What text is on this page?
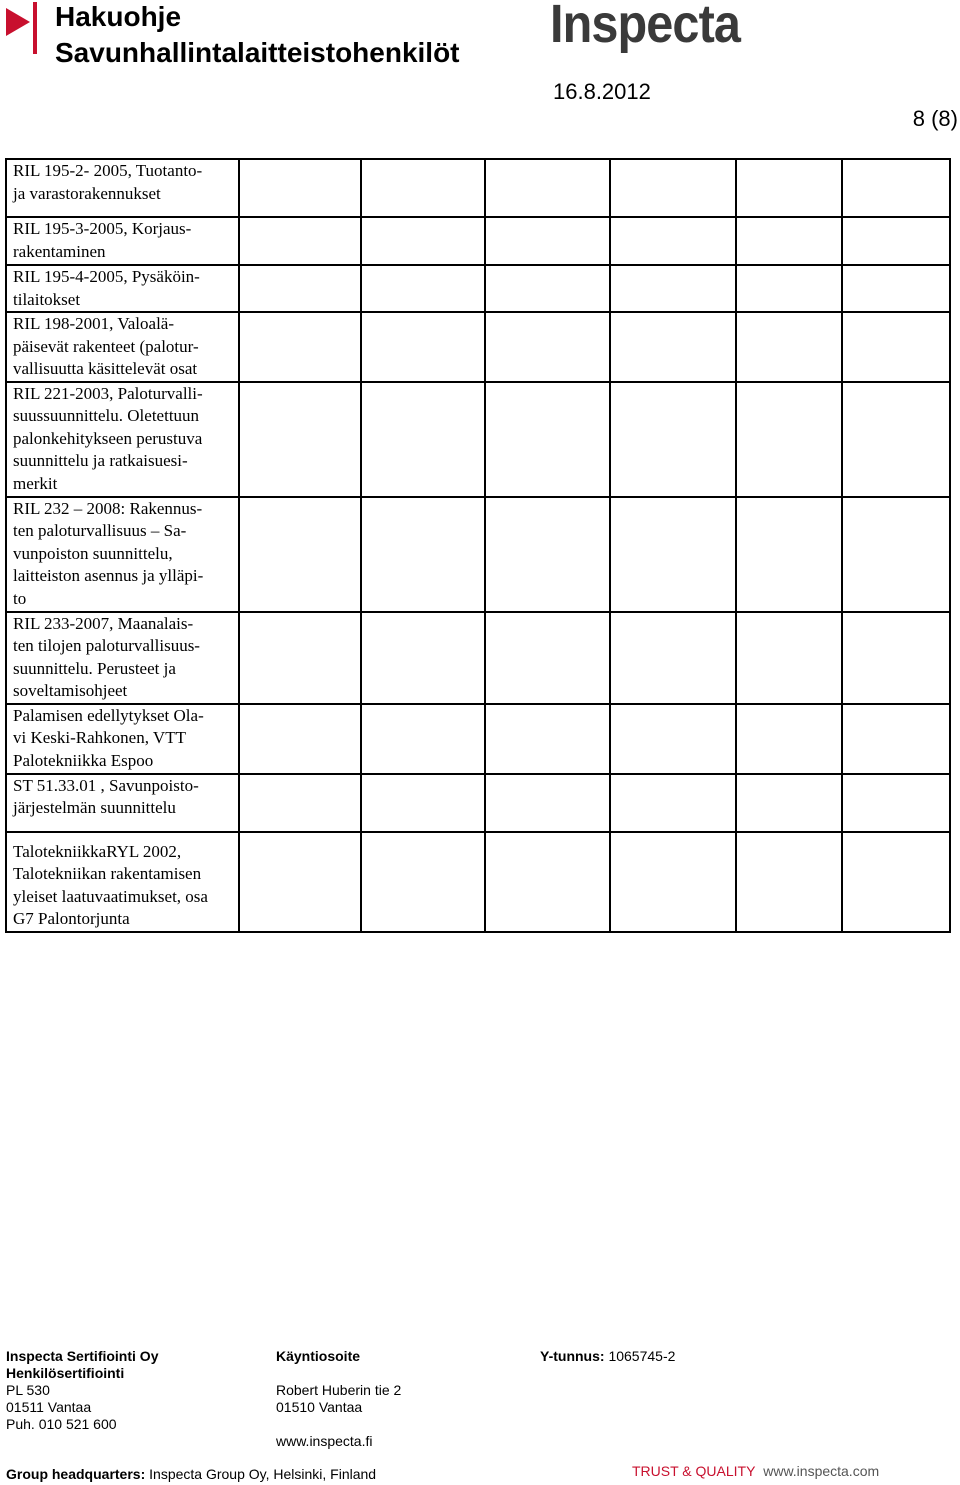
Hakuohje
Savunhallintalaitteistohenkilöt Inspecta
16.8.2012
8 (8)
RIL 195-2- 2005, Tuotanto-
ja varastorakennukset						

RIL 195-3-2005, Korjaus-
rakentaminen						

RIL 195-4-2005, Pysäköin-
tilaitokset						

RIL 198-2001, Valoalä-
päisevät rakenteet (palotur-
vallisuutta käsittelevät osat						

RIL 221-2003, Paloturvalli-
suussuunnittelu. Oletettuun
palonkehitykseen perustuva
suunnittelu ja ratkaisuesi-
merkit						

RIL 232 – 2008: Rakennus-
ten paloturvallisuus – Sa-
vunpoiston suunnittelu,
laitteiston asennus ja ylläpi-
to						

RIL 233-2007, Maanalais-
ten tilojen paloturvallisuus-
suunnittelu. Perusteet ja
soveltamisohjeet						

Palamisen edellytykset Ola-
vi Keski-Rahkonen, VTT
Palotekniikka Espoo						

ST 51.33.01 , Savunpoisto-
järjestelmän suunnittelu						

TalotekniikkaRYL 2002,
Talotekniikan rakentamisen
yleiset laatuvaatimukset, osa
G7 Palontorjunta						

Inspecta Sertifiointi Oy
Henkilösertifiointi
PL 530
01511 Vantaa
Puh. 010 521 600
Käyntiosoite
Robert Huberin tie 2
01510 Vantaa
www.inspecta.fi
Y-tunnus: 1065745-2
Group headquarters: Inspecta Group Oy, Helsinki, Finland	TRUST & QUALITY www.inspecta.com
